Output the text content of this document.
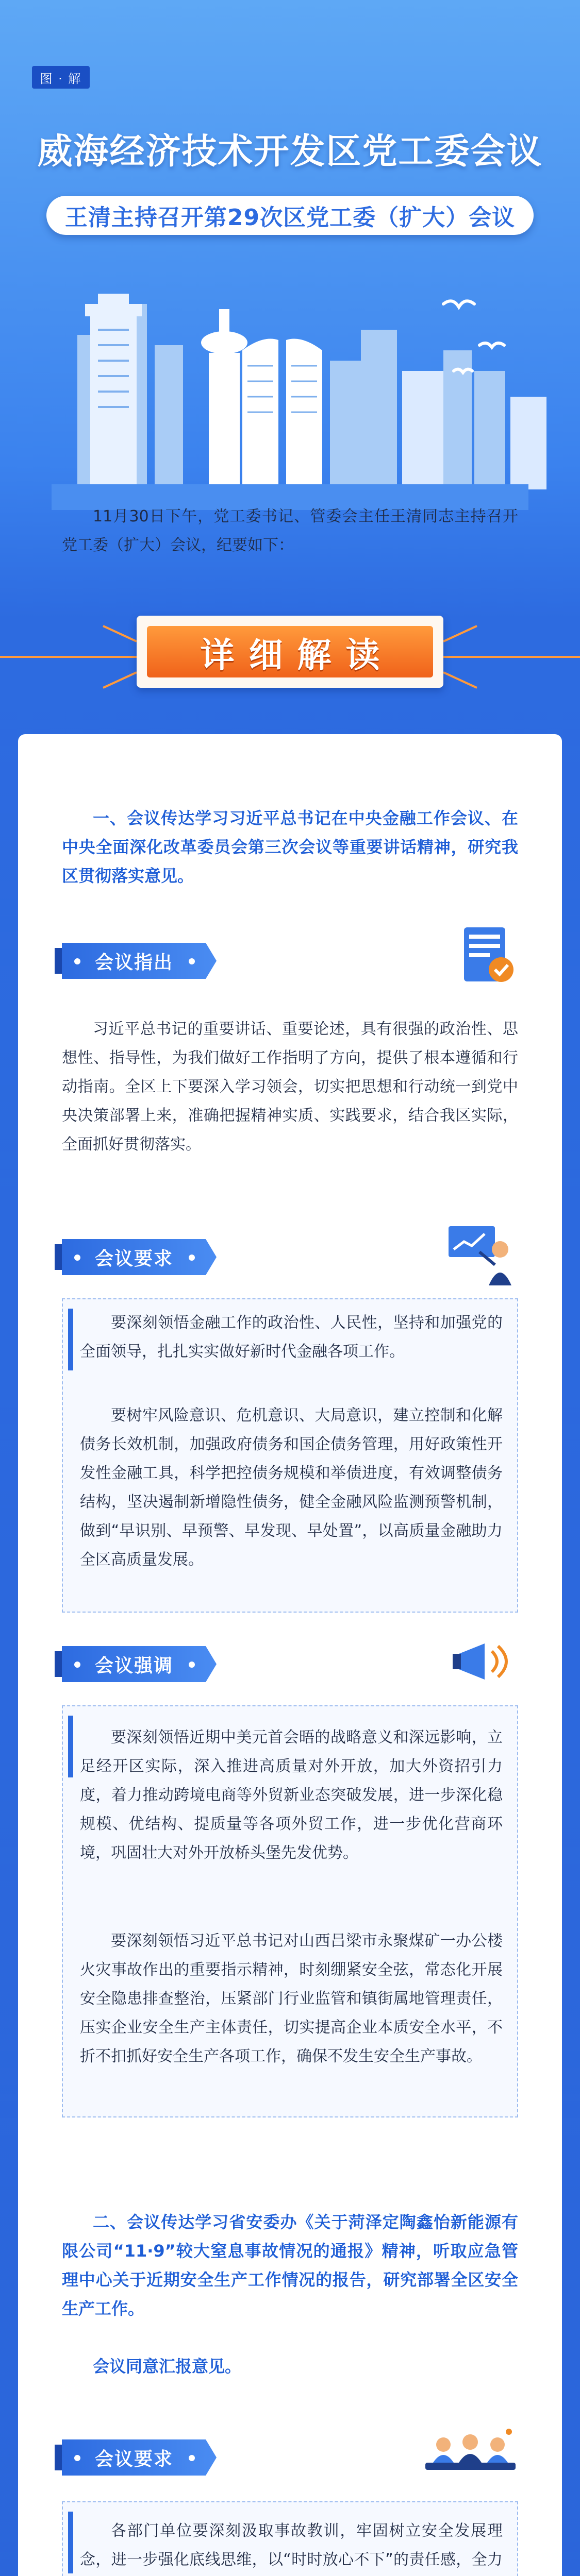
图 · 解
威海经济技术开发区党工委会议
王清主持召开第29次区党工委（扩大）会议
11月30日下午，党工委书记、管委会主任王清同志主持召开党工委（扩大）会议，纪要如下：
详细解读
一、会议传达学习习近平总书记在中央金融工作会议、在中央全面深化改革委员会第三次会议等重要讲话精神，研究我区贯彻落实意见。
会议指出
习近平总书记的重要讲话、重要论述，具有很强的政治性、思想性、指导性，为我们做好工作指明了方向，提供了根本遵循和行动指南。全区上下要深入学习领会，切实把思想和行动统一到党中央决策部署上来，准确把握精神实质、实践要求，结合我区实际，全面抓好贯彻落实。
会议要求
要深刻领悟金融工作的政治性、人民性，坚持和加强党的全面领导，扎扎实实做好新时代金融各项工作。
要树牢风险意识、危机意识、大局意识，建立控制和化解债务长效机制，加强政府债务和国企债务管理，用好政策性开发性金融工具，科学把控债务规模和举债进度，有效调整债务结构，坚决遏制新增隐性债务，健全金融风险监测预警机制，做到“早识别、早预警、早发现、早处置”，以高质量金融助力全区高质量发展。
会议强调
要深刻领悟近期中美元首会晤的战略意义和深远影响，立足经开区实际，深入推进高质量对外开放，加大外资招引力度，着力推动跨境电商等外贸新业态突破发展，进一步深化稳规模、优结构、提质量等各项外贸工作，进一步优化营商环境，巩固壮大对外开放桥头堡先发优势。
要深刻领悟习近平总书记对山西吕梁市永聚煤矿一办公楼火灾事故作出的重要指示精神，时刻绷紧安全弦，常态化开展安全隐患排查整治，压紧部门行业监管和镇街属地管理责任，压实企业安全生产主体责任，切实提高企业本质安全水平，不折不扣抓好安全生产各项工作，确保不发生安全生产事故。
二、会议传达学习省安委办《关于菏泽定陶鑫怡新能源有限公司“11·9”较大窒息事故情况的通报》精神，听取应急管理中心关于近期安全生产工作情况的报告，研究部署全区安全生产工作。
会议同意汇报意见。
会议要求
各部门单位要深刻汲取事故教训，牢固树立安全发展理念，进一步强化底线思维，以“时时放心不下”的责任感，全力
